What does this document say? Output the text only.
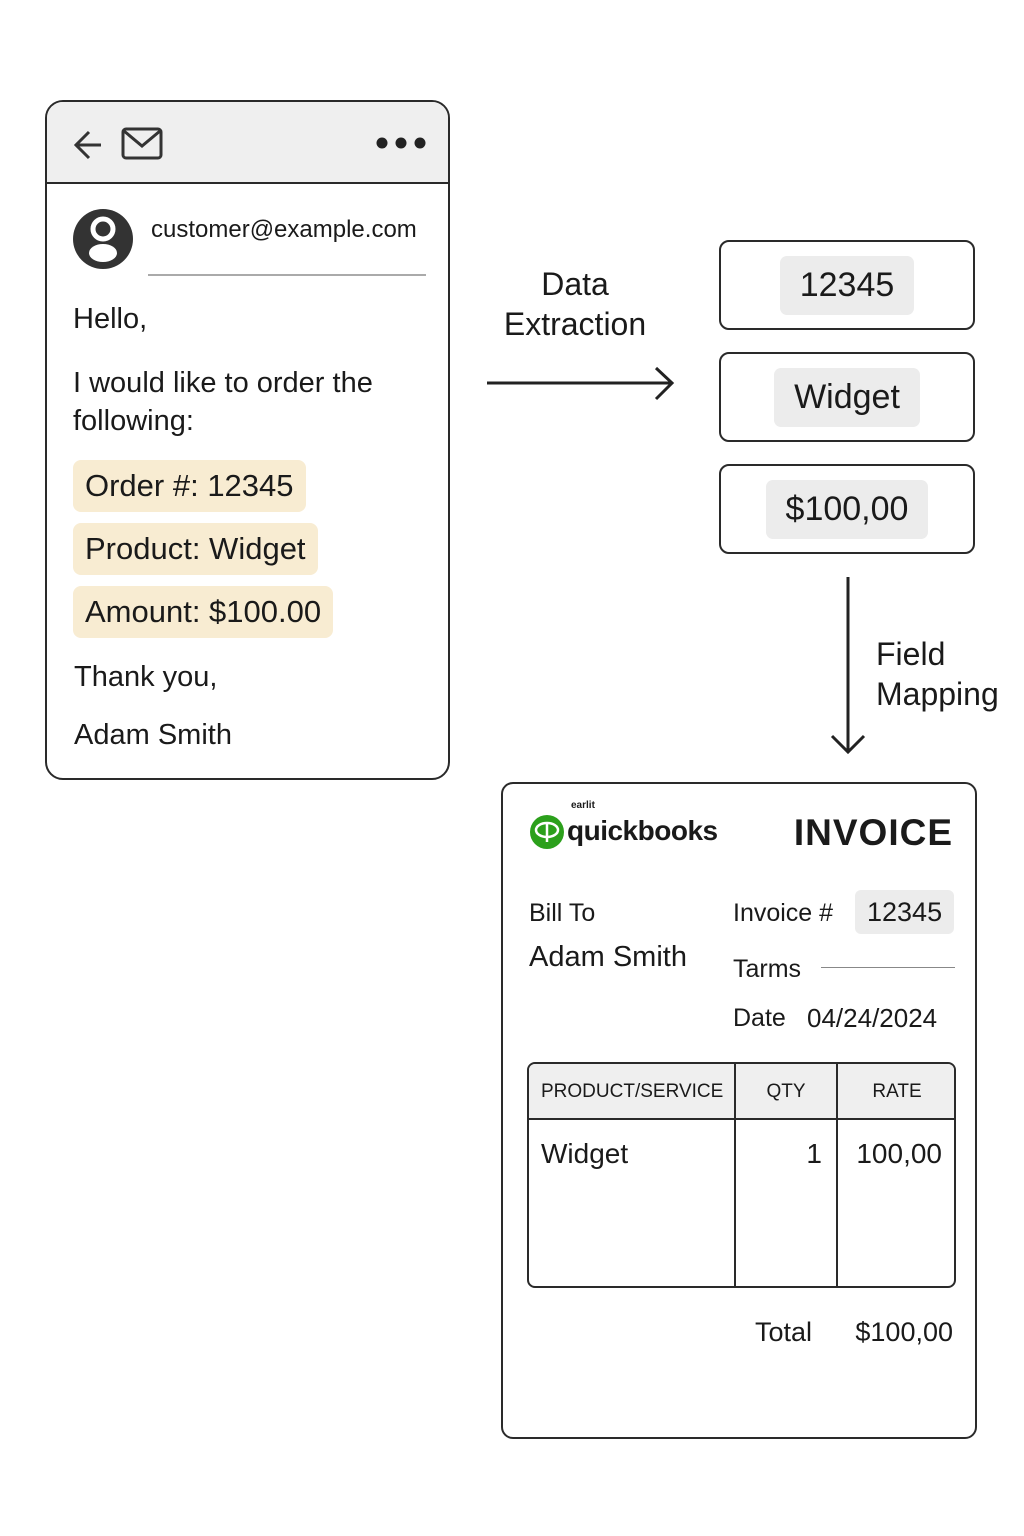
customer@example.com
Hello,
I would like to order the following:
Order #: 12345
Product: Widget
Amount: $100.00
Thank you,
Adam Smith
Data
Extraction
12345
Widget
$100,00
Field
Mapping
earlit
quickbooks INVOICE
Bill To
Adam Smith
Invoice #	12345
Tarms
Date 04/24/2024
PRODUCT/SERVICE	QTY	RATE
Widget	1	100,00
Total $100,00
